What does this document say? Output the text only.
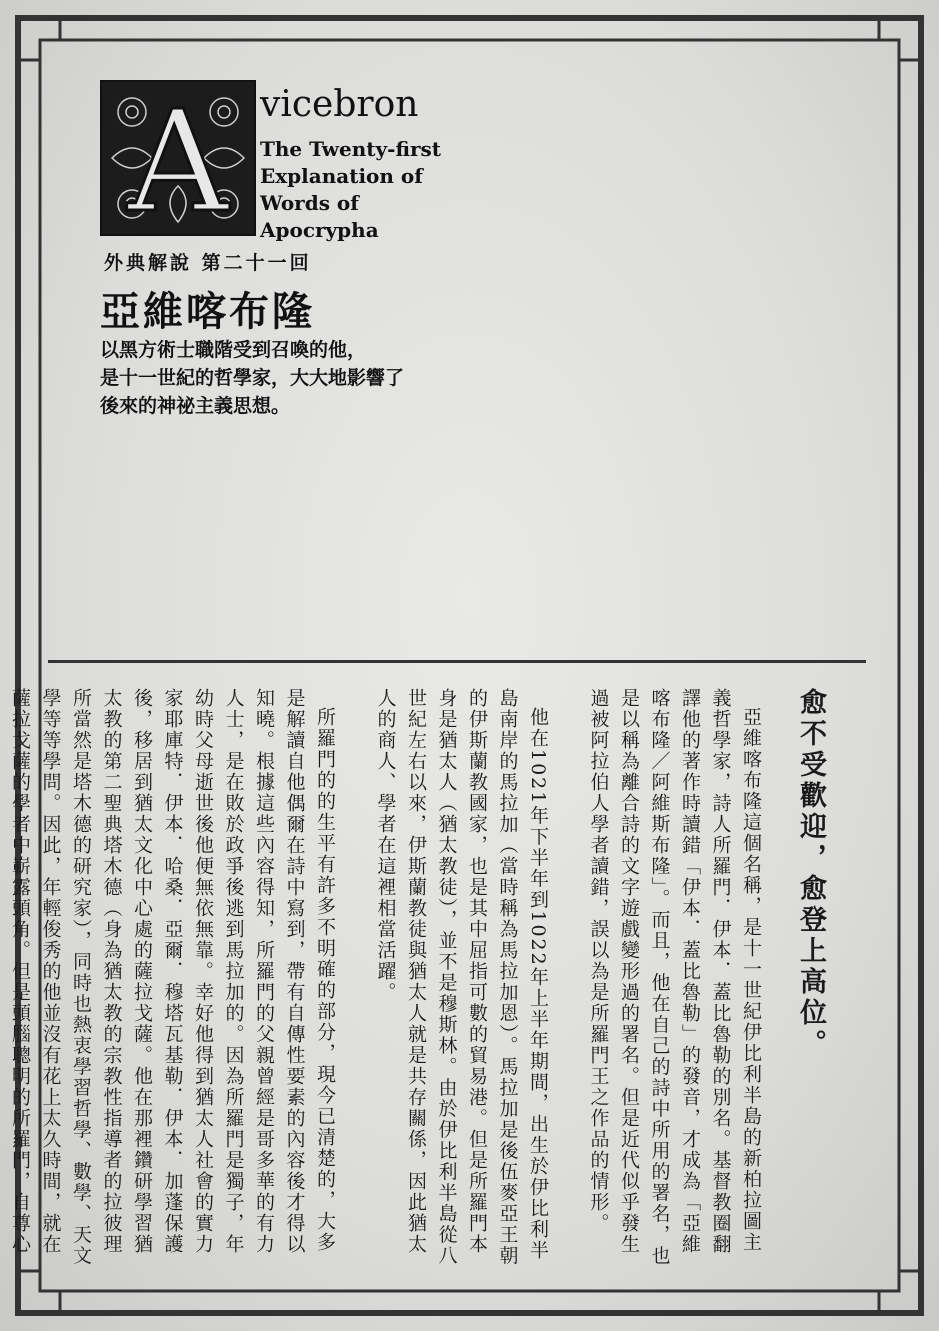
A vicebron
The Twenty-first
Explanation of
Words of
Apocrypha
外典解說 第二十一回
亞維喀布隆
以黑方術士職階受到召喚的他，
是十一世紀的哲學家，大大地影響了
後來的神祕主義思想。
愈不受歡迎，愈登上高位。

亞維喀布隆這個名稱，是十一世紀伊比利半島的新柏拉圖主義哲學家，詩人所羅門．伊本．蓋比魯勒的別名。基督教圈翻譯他的著作時讀錯「伊本．蓋比魯勒」的發音，才成為「亞維喀布隆／阿維斯布隆」。而且，他在自己的詩中所用的署名，也是以稱為離合詩的文字遊戲變形過的署名。但是近代似乎發生過被阿拉伯人學者讀錯，誤以為是所羅門王之作品的情形。

他在1021年下半年到1022年上半年期間，出生於伊比利半島南岸的馬拉加（當時稱為馬拉加恩）。馬拉加是後伍麥亞王朝的伊斯蘭教國家，也是其中屈指可數的貿易港。但是所羅門本身是猶太人（猶太教徒），並不是穆斯林。由於伊比利半島從八世紀左右以來，伊斯蘭教徒與猶太人就是共存關係，因此猶太人的商人、學者在這裡相當活躍。

所羅門的的生平有許多不明確的部分，現今已清楚的，大多是解讀自他偶爾在詩中寫到，帶有自傳性要素的內容後才得以知曉。根據這些內容得知，所羅門的父親曾經是哥多華的有力人士，是在敗於政爭後逃到馬拉加的。因為所羅門是獨子，年幼時父母逝世後他便無依無靠。幸好他得到猶太人社會的實力家耶庫特．伊本．哈桑．亞爾．穆塔瓦基勒．伊本．加蓬保護後，移居到猶太文化中心處的薩拉戈薩。他在那裡鑽研學習猶太教的第二聖典塔木德（身為猶太教的宗教性指導者的拉彼理所當然是塔木德的研究家），同時也熱衷學習哲學、數學、天文學等等學問。因此，年輕俊秀的他並沒有花上太久時間，就在薩拉戈薩的學者中嶄露頭角。但是頭腦聰明的所羅門，自尊心
